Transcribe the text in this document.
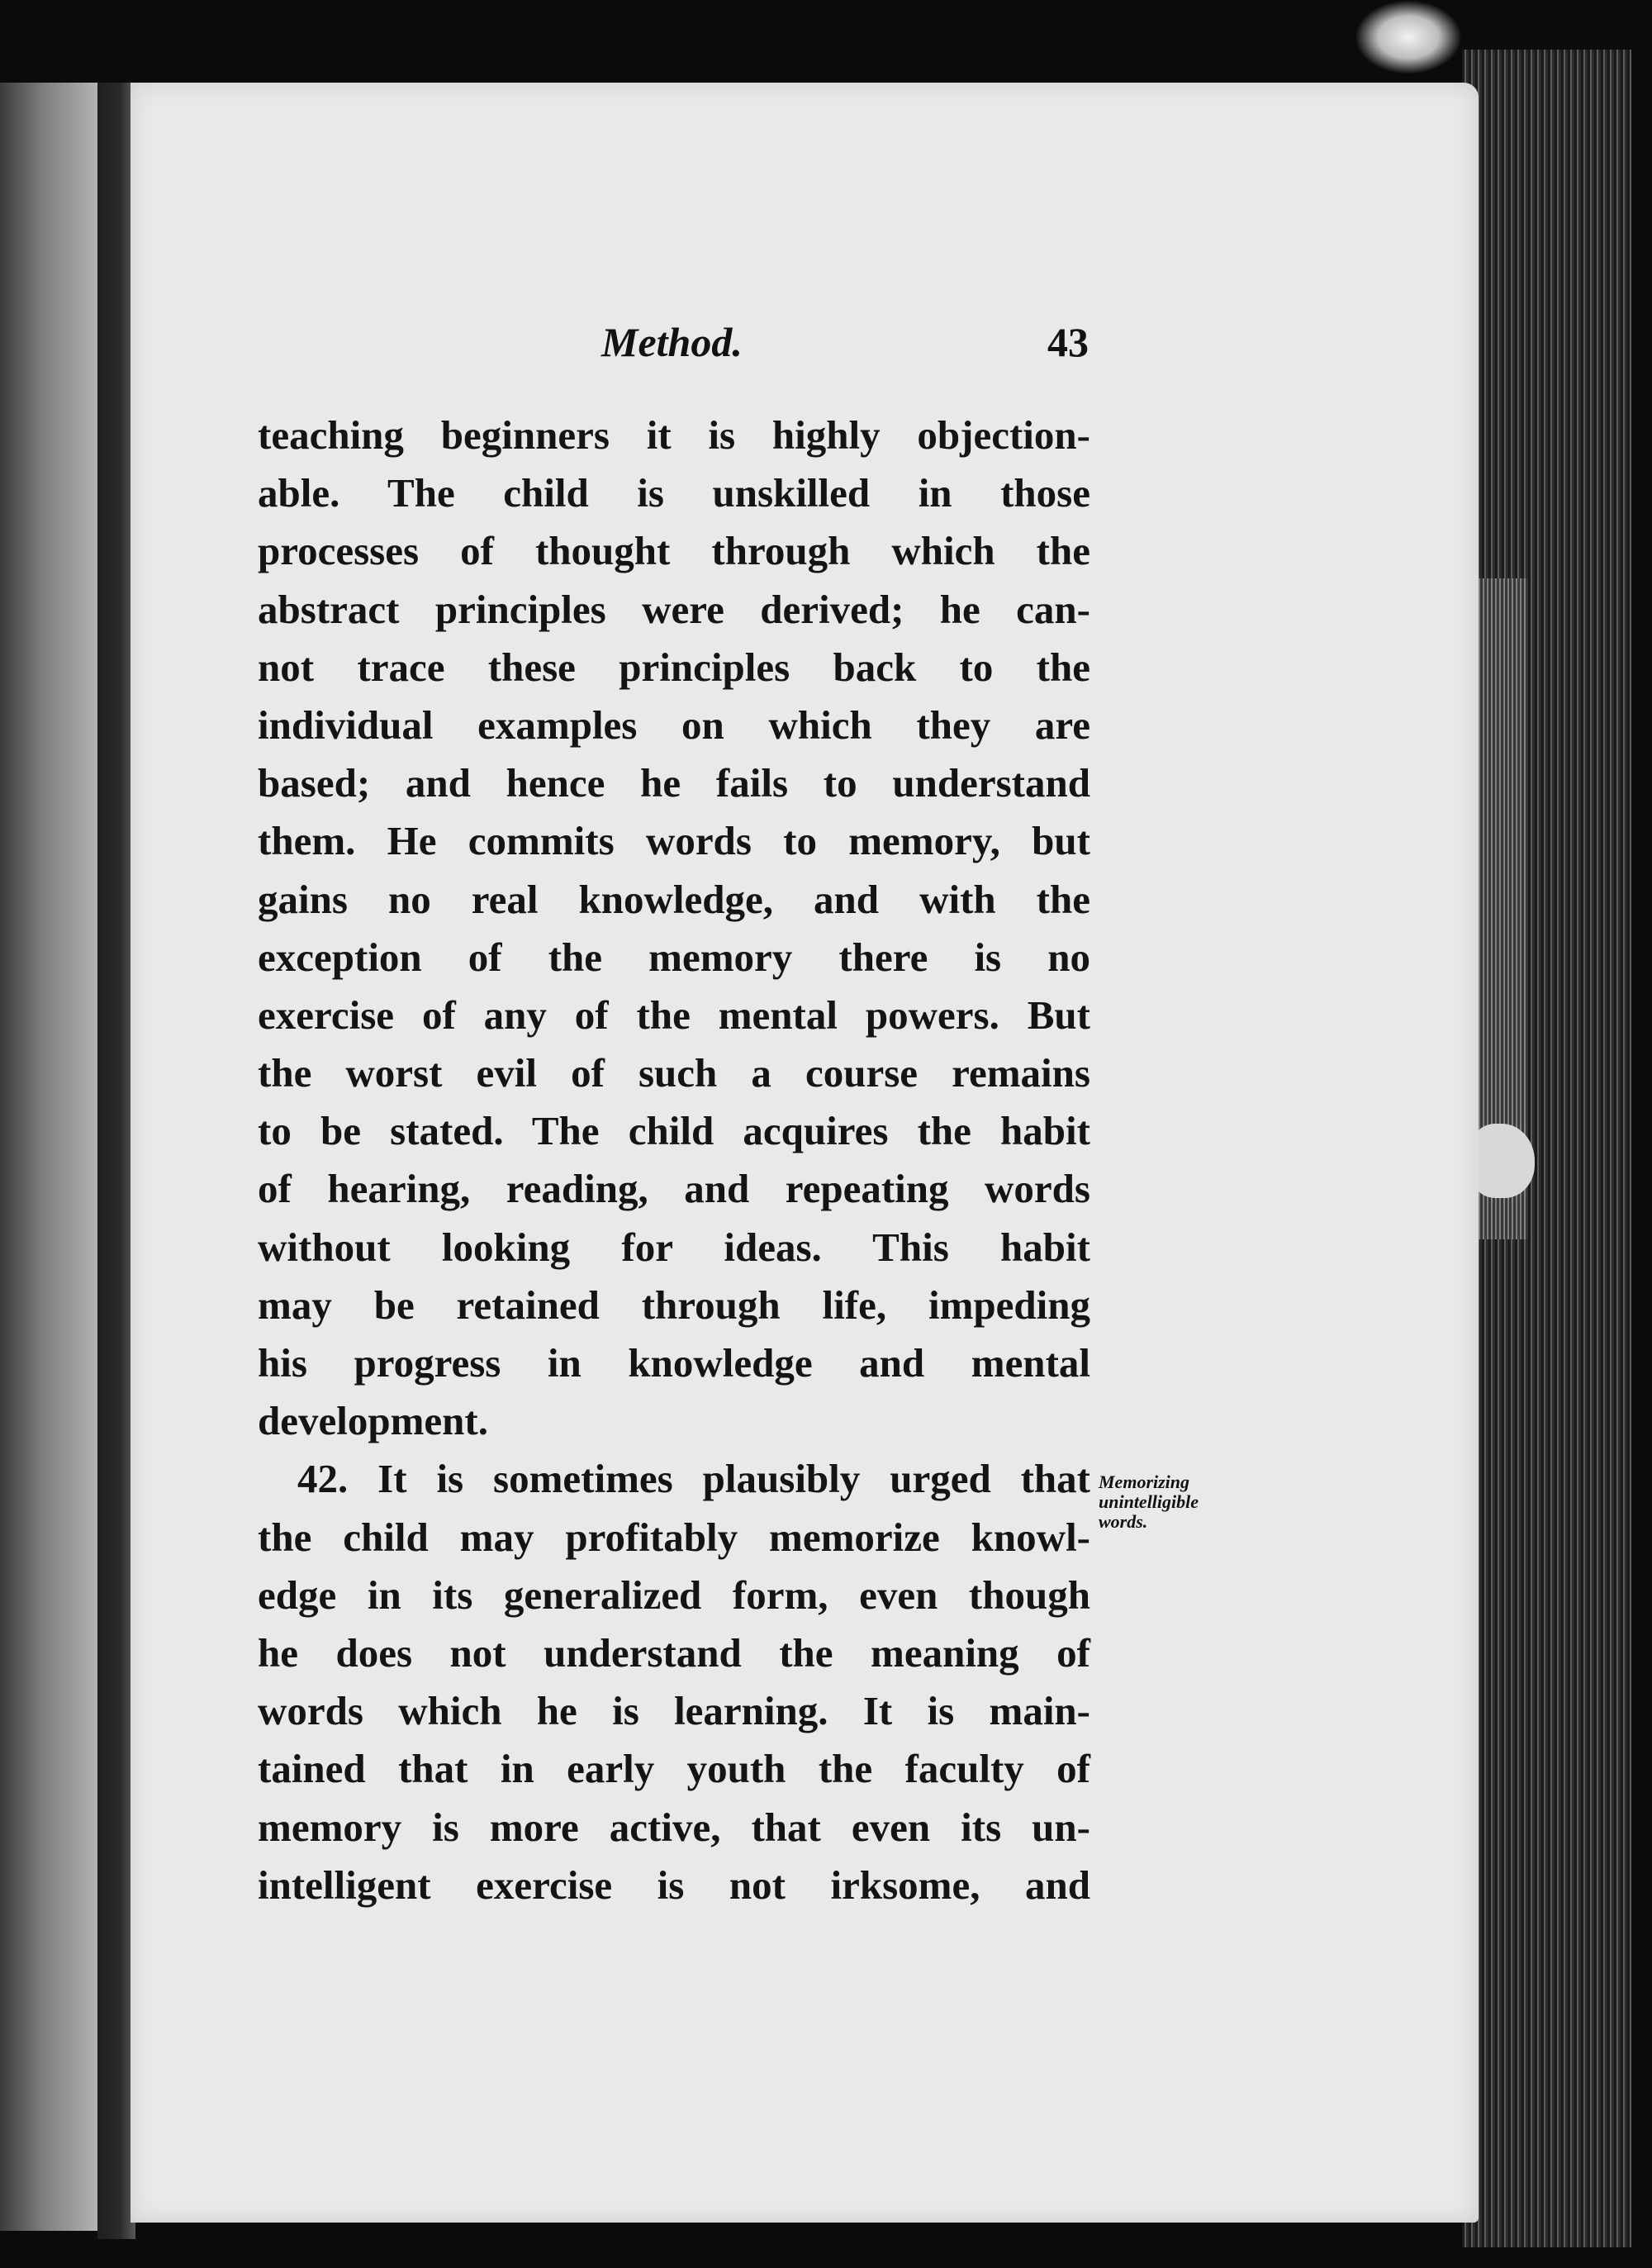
Method.	43
teaching beginners it is highly objection-
able. The child is unskilled in those
processes of thought through which the
abstract principles were derived; he can-
not trace these principles back to the
individual examples on which they are
based; and hence he fails to understand
them. He commits words to memory, but
gains no real knowledge, and with the
exception of the memory there is no
exercise of any of the mental powers. But
the worst evil of such a course remains
to be stated. The child acquires the habit
of hearing, reading, and repeating words
without looking for ideas. This habit
may be retained through life, impeding
his progress in knowledge and mental
development.
42. It is sometimes plausibly urged that
the child may profitably memorize knowl-
edge in its generalized form, even though
he does not understand the meaning of
words which he is learning. It is main-
tained that in early youth the faculty of
memory is more active, that even its un-
intelligent exercise is not irksome, and
Memorizing
unintelligible
words.
